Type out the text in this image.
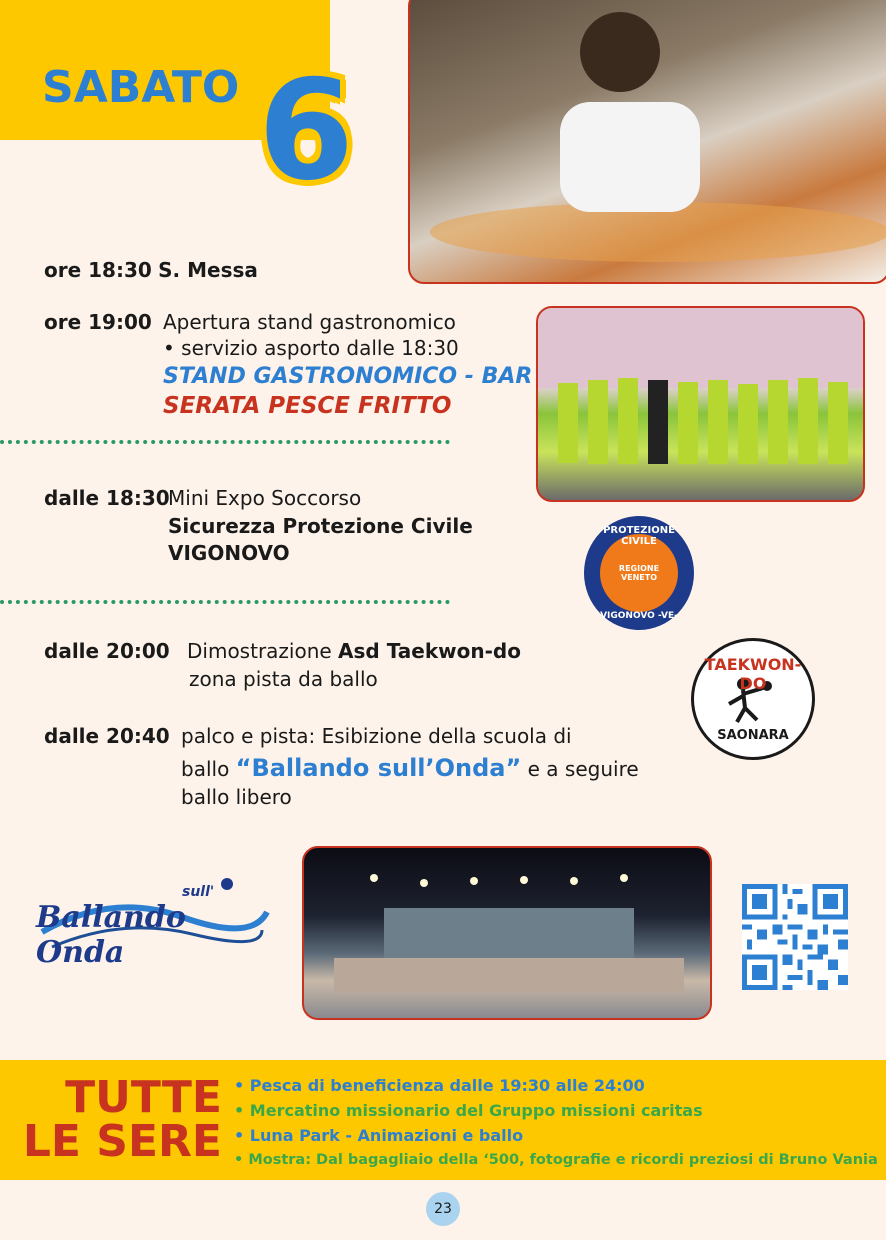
SABATO 6
ore 18:30 S. Messa
ore 19:00 Apertura stand gastronomico
• servizio asporto dalle 18:30
STAND GASTRONOMICO - BAR
SERATA PESCE FRITTO
dalle 18:30
Mini Expo Soccorso
Sicurezza Protezione Civile
VIGONOVO
PROTEZIONE CIVILE
REGIONE VENETO
VIGONOVO -VE-
dalle 20:00 Dimostrazione Asd Taekwon-do
zona pista da ballo
TAEKWON-DO
SAONARA
dalle 20:40 palco e pista: Esibizione della scuola di
ballo “Ballando sull’Onda” e a seguire
ballo libero
sull'
Ballando Onda
TUTTE
LE SERE
• Pesca di beneficienza dalle 19:30 alle 24:00
• Mercatino missionario del Gruppo missioni caritas
• Luna Park - Animazioni e ballo
• Mostra: Dal bagagliaio della ‘500, fotografie e ricordi preziosi di Bruno Vania
23
